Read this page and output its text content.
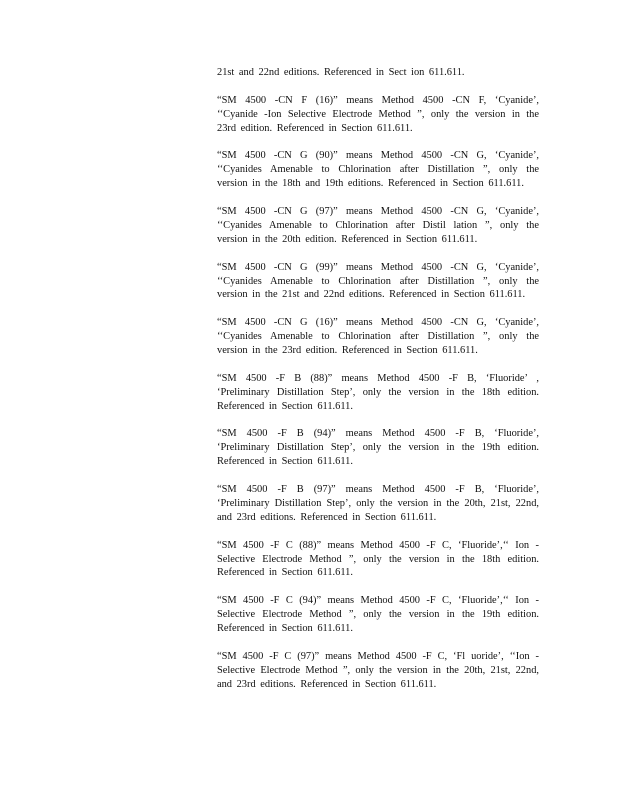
21st and 22nd editions. Referenced in Sect ion 611.611.

“SM 4500 -CN F (16)” means Method 4500 -CN F, ‘Cyanide’, ‘‘Cyanide -Ion Selective Electrode Method ”, only the version in the 23rd edition. Referenced in Section 611.611.

“SM 4500 -CN G (90)” means Method 4500 -CN G, ‘Cyanide’, ‘‘Cyanides Amenable to Chlorination after Distillation ”, only the version in the 18th and 19th editions. Referenced in Section 611.611.

“SM 4500 -CN G (97)” means Method 4500 -CN G, ‘Cyanide’, ‘‘Cyanides Amenable to Chlorination after Distil lation ”, only the version in the 20th edition. Referenced in Section 611.611.

“SM 4500 -CN G (99)” means Method 4500 -CN G, ‘Cyanide’, ‘‘Cyanides Amenable to Chlorination after Distillation ”, only the version in the 21st and 22nd editions. Referenced in Section 611.611.

“SM 4500 -CN G (16)” means Method 4500 -CN G, ‘Cyanide’, ‘‘Cyanides Amenable to Chlorination after Distillation ”, only the version in the 23rd edition. Referenced in Section 611.611.

“SM 4500 -F B (88)” means Method 4500 -F B, ‘Fluoride’ , ‘Preliminary Distillation Step’, only the version in the 18th edition. Referenced in Section 611.611.

“SM 4500 -F B (94)” means Method 4500 -F B, ‘Fluoride’, ‘Preliminary Distillation Step’, only the version in the 19th edition. Referenced in Section 611.611.

“SM 4500 -F B (97)” means Method 4500 -F B, ‘Fluoride’, ‘Preliminary Distillation Step’, only the version in the 20th, 21st, 22nd, and 23rd editions. Referenced in Section 611.611.

“SM 4500 -F C (88)” means Method 4500 -F C, ‘Fluoride’,‘‘ Ion - Selective Electrode Method ”, only the version in the 18th edition. Referenced in Section 611.611.

“SM 4500 -F C (94)” means Method 4500 -F C, ‘Fluoride’,‘‘ Ion - Selective Electrode Method ”, only the version in the 19th edition. Referenced in Section 611.611.

“SM 4500 -F C (97)” means Method 4500 -F C, ‘Fl uoride’, ‘‘Ion - Selective Electrode Method ”, only the version in the 20th, 21st, 22nd, and 23rd editions. Referenced in Section 611.611.
